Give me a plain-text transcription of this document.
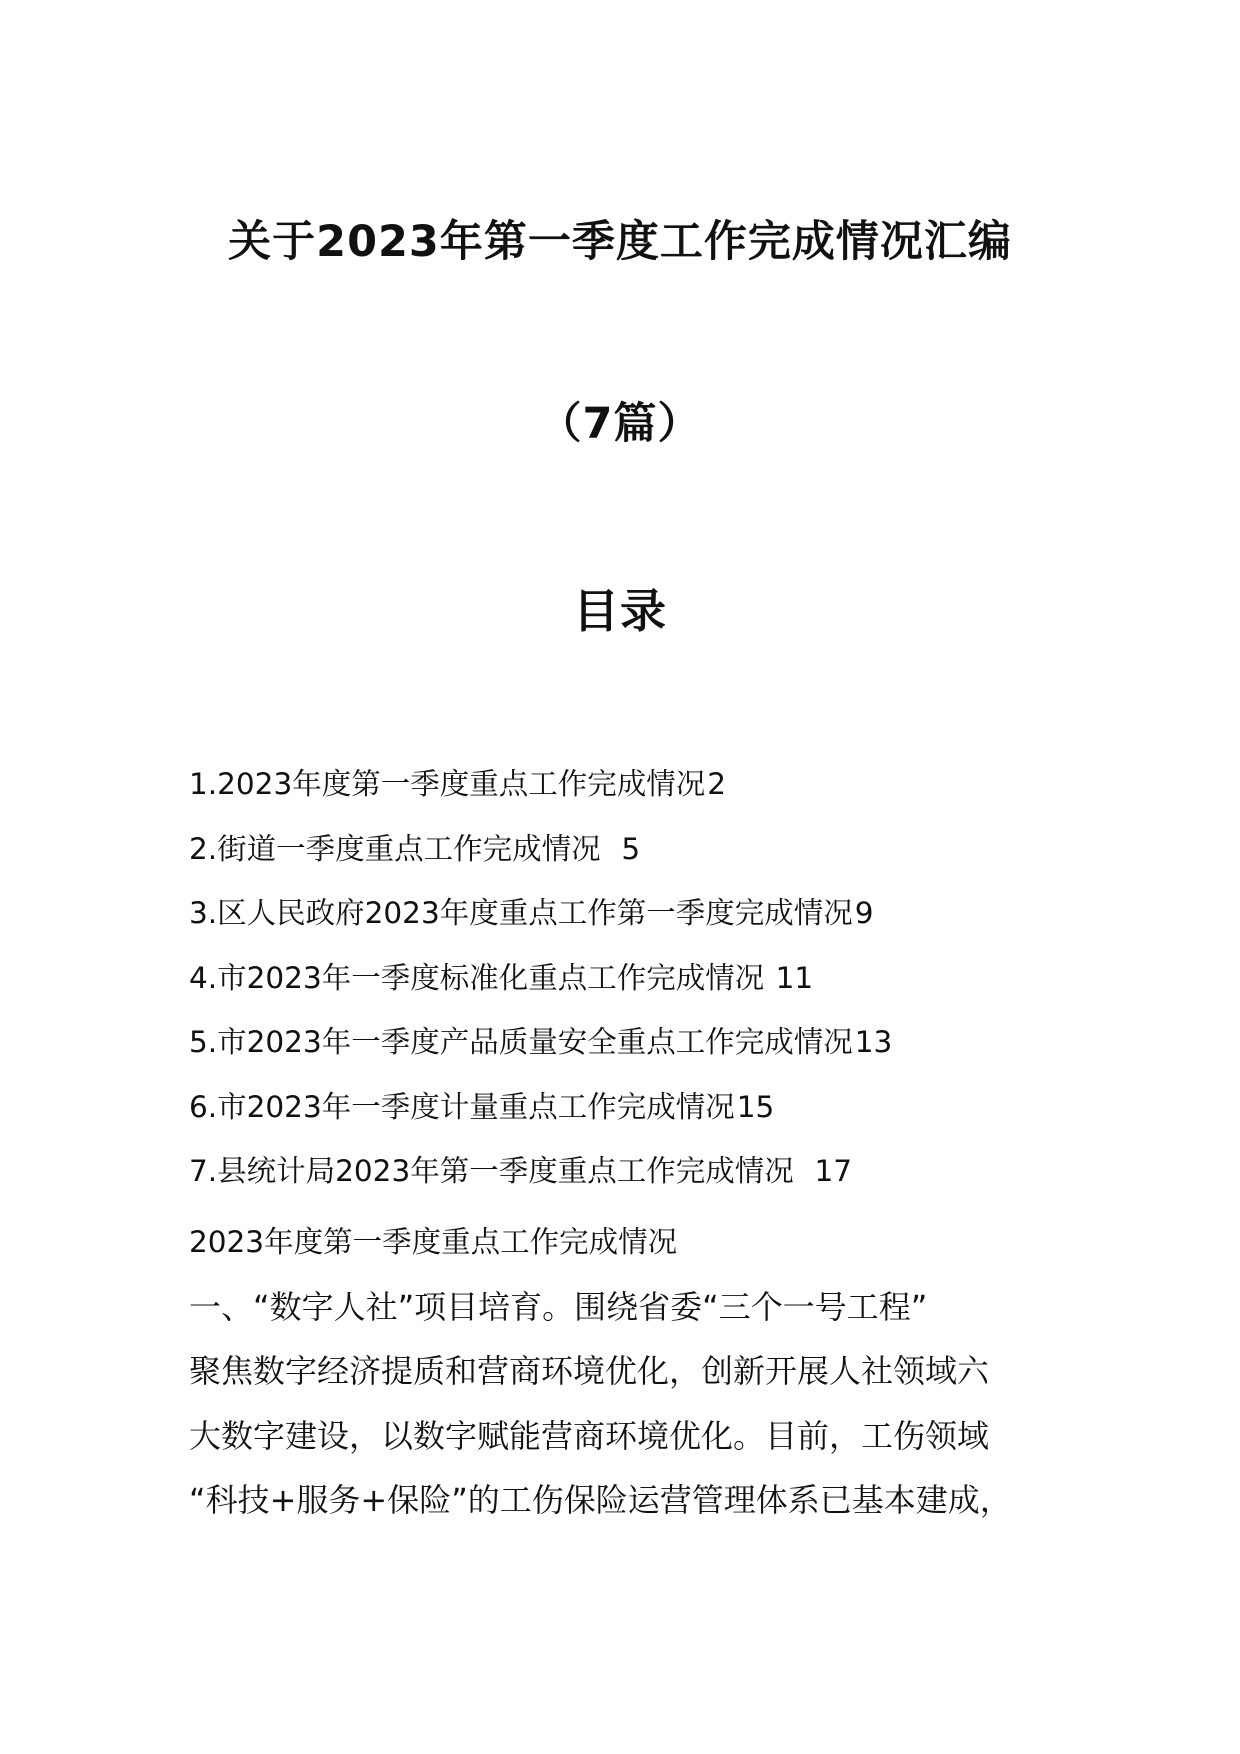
关于2023年第一季度工作完成情况汇编
（7篇）
目录
1.2023年度第一季度重点工作完成情况2
2.街道一季度重点工作完成情况  5
3.区人民政府2023年度重点工作第一季度完成情况9
4.市2023年一季度标准化重点工作完成情况 11
5.市2023年一季度产品质量安全重点工作完成情况13
6.市2023年一季度计量重点工作完成情况15
7.县统计局2023年第一季度重点工作完成情况  17
2023年度第一季度重点工作完成情况
一、“数字人社”项目培育。围绕省委“三个一号工程”
聚焦数字经济提质和营商环境优化，创新开展人社领域六
大数字建设，以数字赋能营商环境优化。目前，工伤领域
“科技+服务+保险”的工伤保险运营管理体系已基本建成，
